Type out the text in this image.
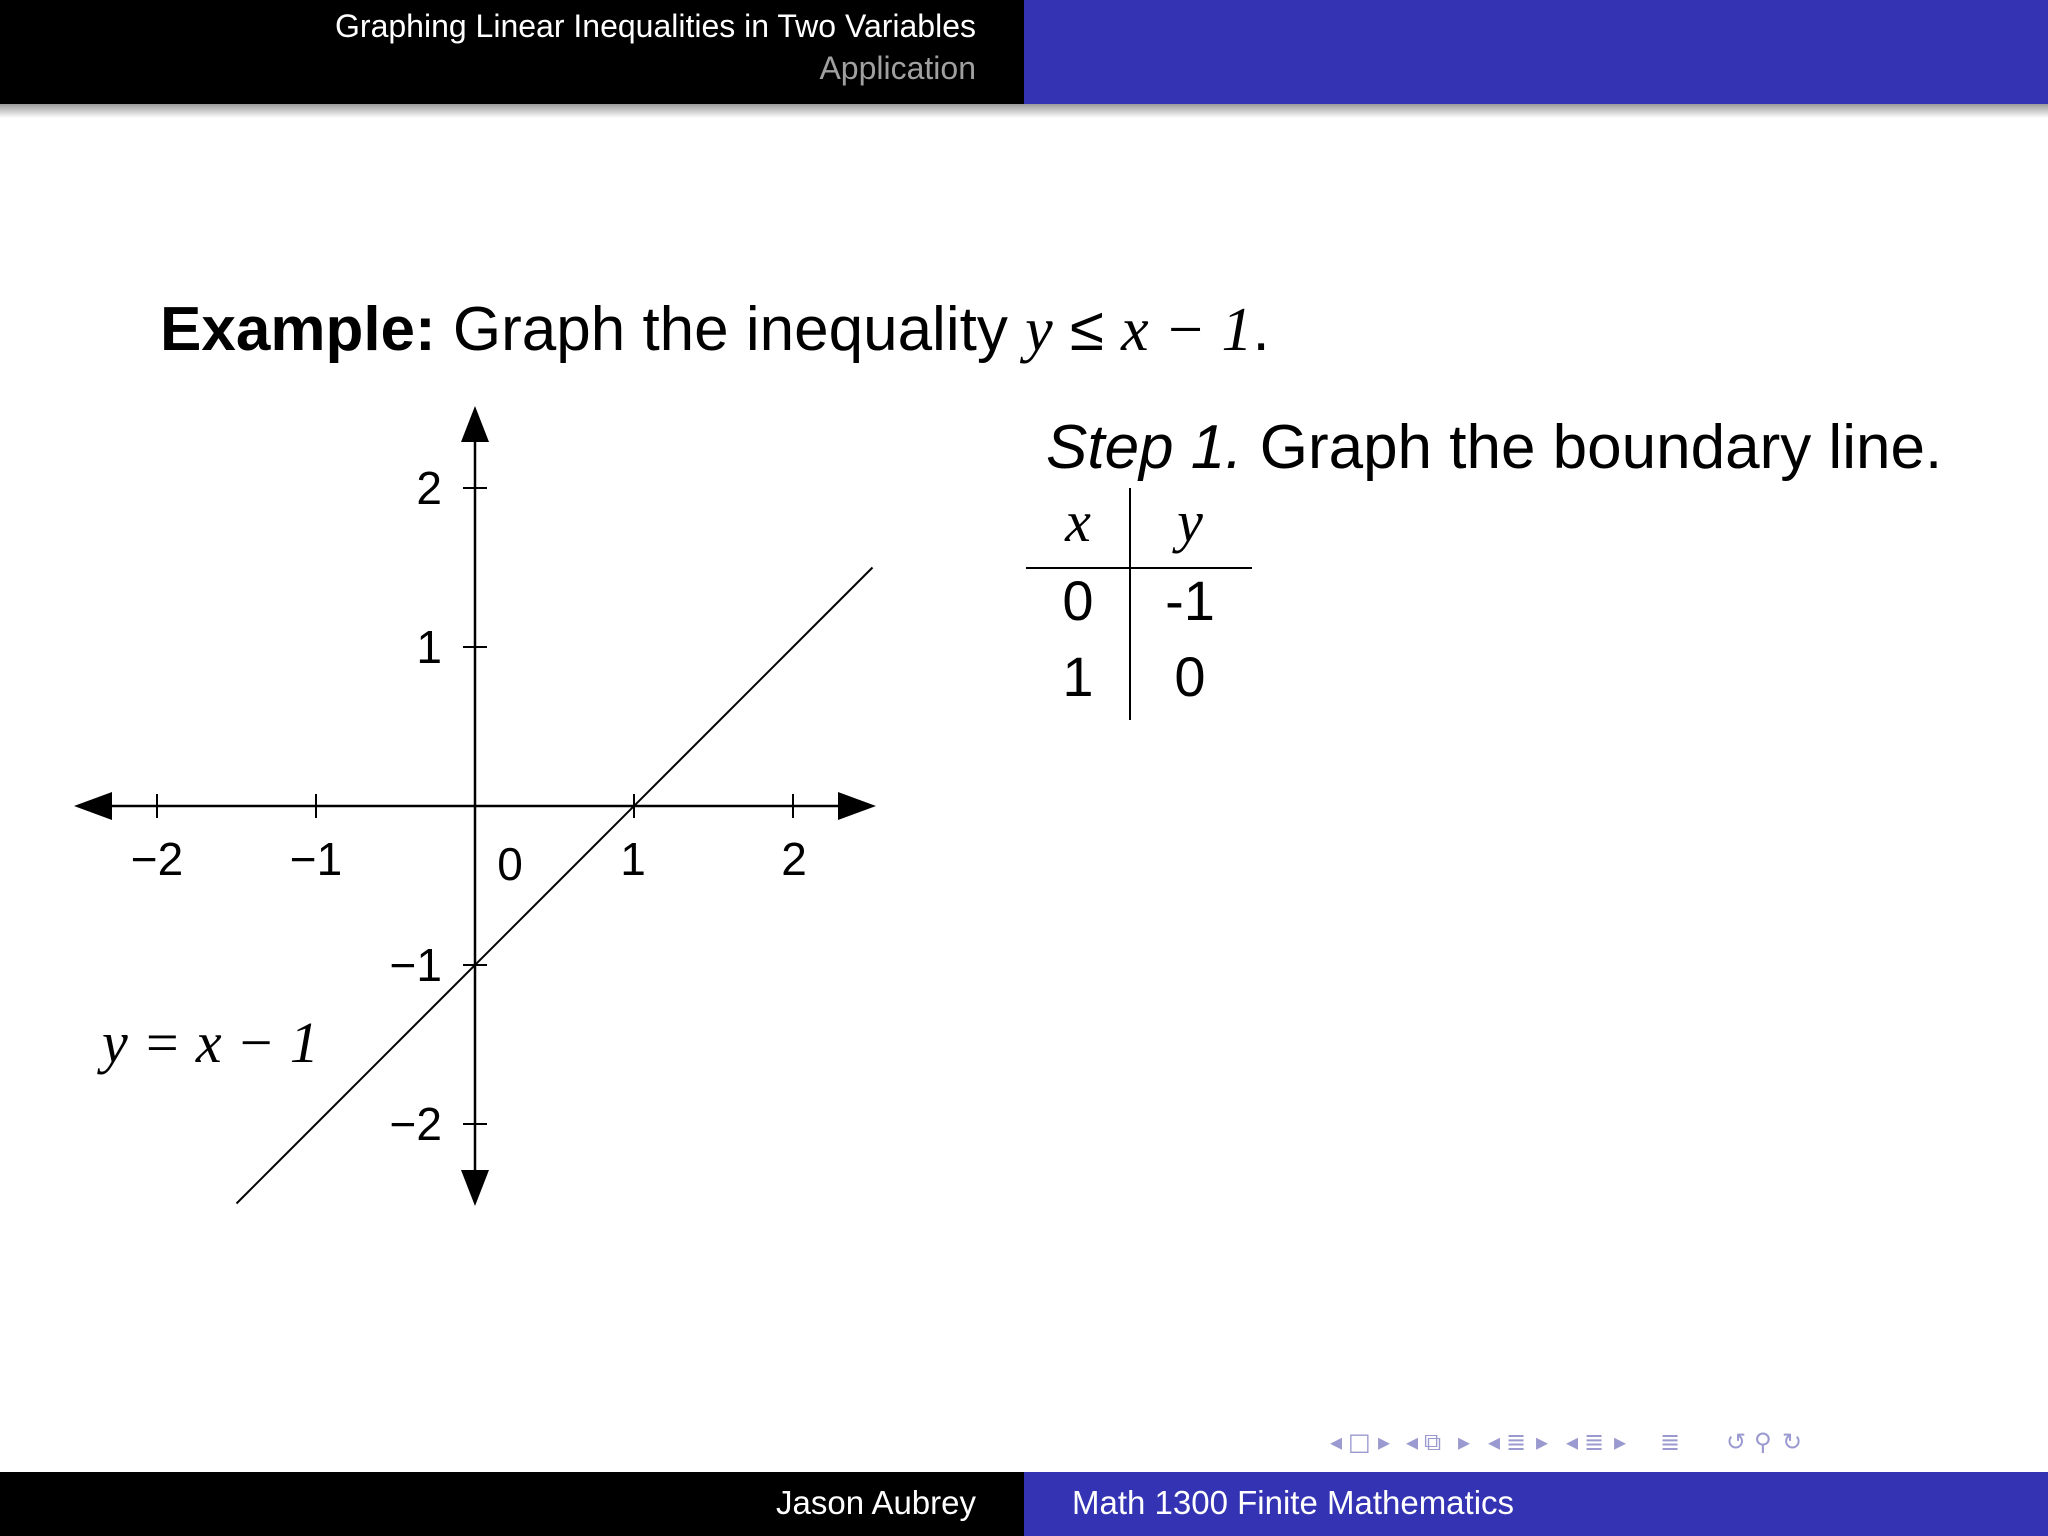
Graphing Linear Inequalities in Two Variables
Application
Example: Graph the inequality y ≤ x − 1.
Step 1. Graph the boundary line.
x	y
0	-1
1	0
−2 −1	0 1	2
2
1
−1
−2
y = x − 1
◂ □ ▸ ◂ ⧉ ▸ ◂ ≣ ▸ ◂ ≣ ▸ ≣ ↺ ⚲ ↻
Jason Aubrey	Math 1300 Finite Mathematics
